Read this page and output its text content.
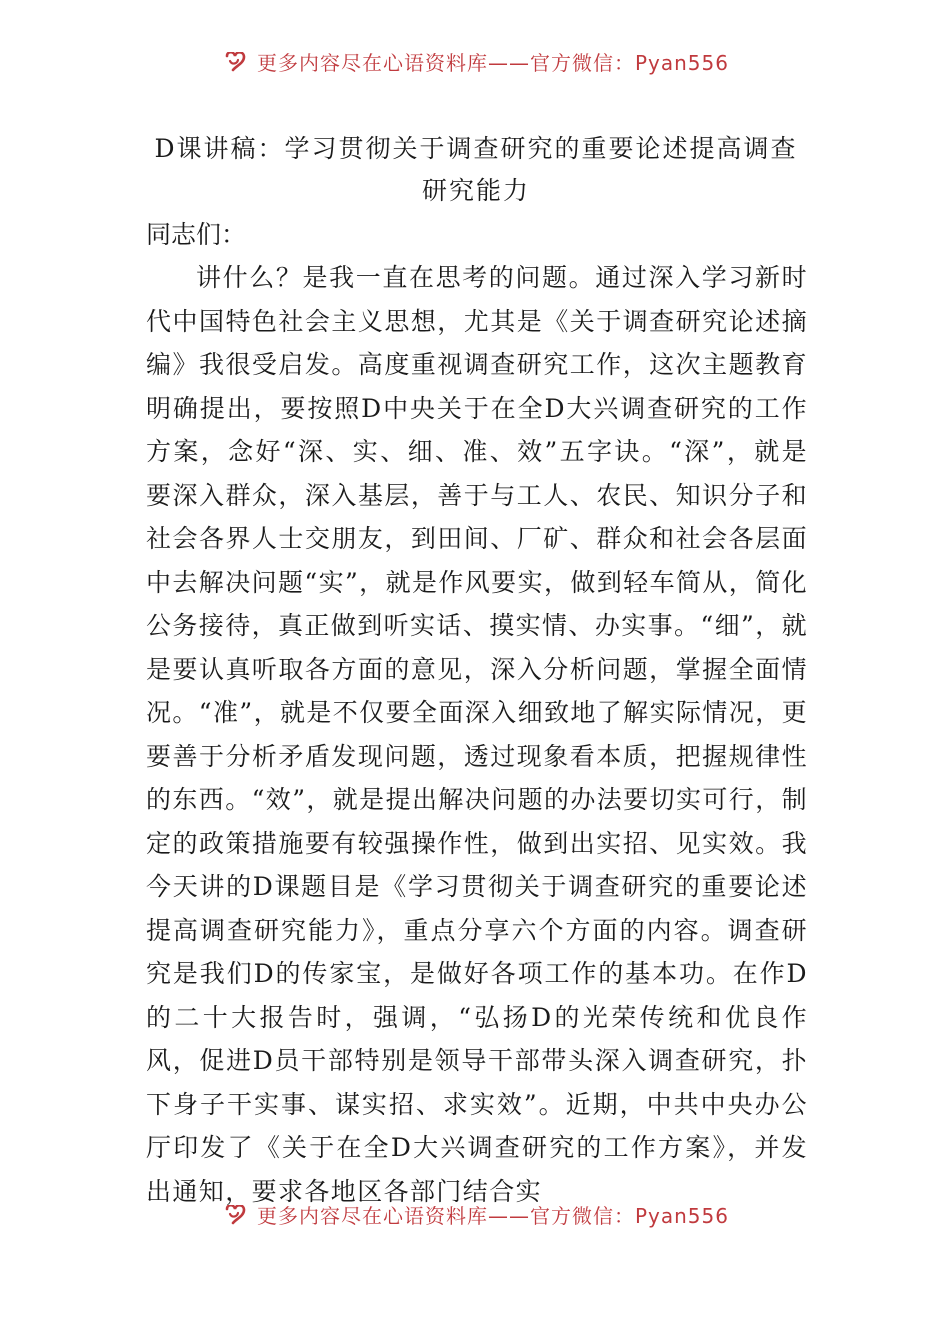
更多内容尽在心语资料库——官方微信：Pyan556
D课讲稿：学习贯彻关于调查研究的重要论述提高调查研究能力

同志们：

讲什么？是我一直在思考的问题。通过深入学习新时代中国特色社会主义思想，尤其是《关于调查研究论述摘编》我很受启发。高度重视调查研究工作，这次主题教育明确提出，要按照D中央关于在全D大兴调查研究的工作方案，念好“深、实、细、准、效”五字诀。“深”，就是要深入群众，深入基层，善于与工人、农民、知识分子和社会各界人士交朋友，到田间、厂矿、群众和社会各层面中去解决问题“实”，就是作风要实，做到轻车简从，简化公务接待，真正做到听实话、摸实情、办实事。“细”，就是要认真听取各方面的意见，深入分析问题，掌握全面情况。“准”，就是不仅要全面深入细致地了解实际情况，更要善于分析矛盾发现问题，透过现象看本质，把握规律性的东西。“效”，就是提出解决问题的办法要切实可行，制定的政策措施要有较强操作性，做到出实招、见实效。我今天讲的D课题目是《学习贯彻关于调查研究的重要论述提高调查研究能力》，重点分享六个方面的内容。调查研究是我们D的传家宝，是做好各项工作的基本功。在作D的二十大报告时，强调，“弘扬D的光荣传统和优良作风，促进D员干部特别是领导干部带头深入调查研究，扑下身子干实事、谋实招、求实效”。近期，中共中央办公厅印发了《关于在全D大兴调查研究的工作方案》，并发出通知，要求各地区各部门结合实

更多内容尽在心语资料库——官方微信：Pyan556
